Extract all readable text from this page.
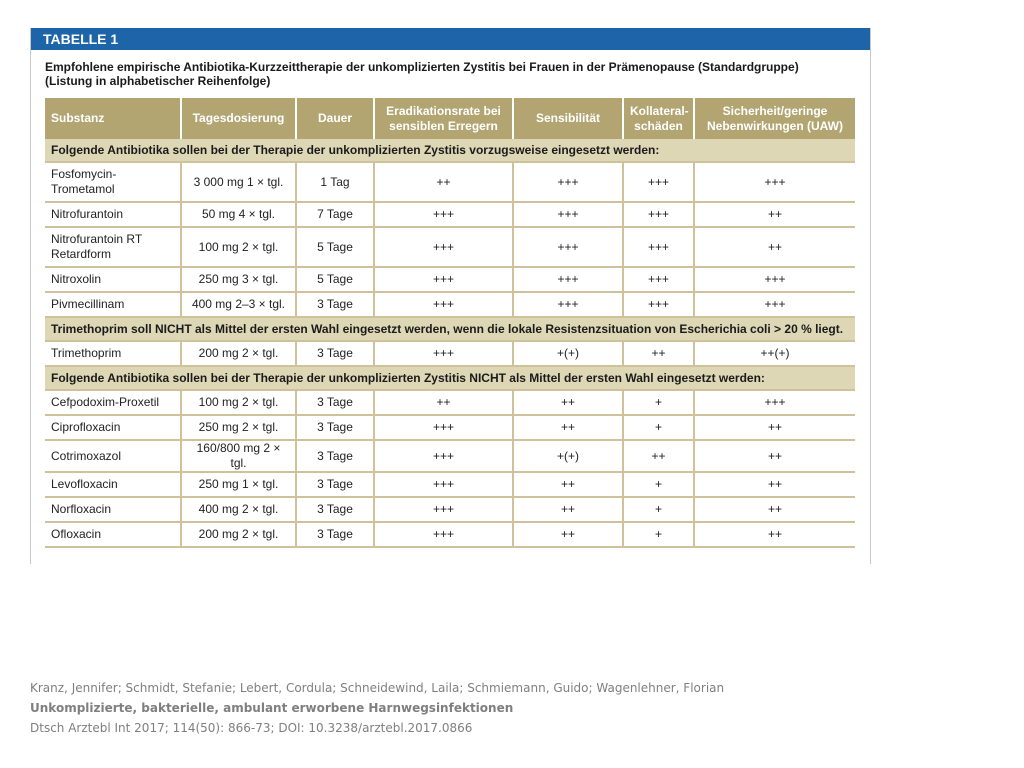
TABELLE 1
Empfohlene empirische Antibiotika-Kurzzeittherapie der unkomplizierten Zystitis bei Frauen in der Prämenopause (Standardgruppe)
(Listung in alphabetischer Reihenfolge)
Substanz	Tagesdosierung	Dauer	Eradikationsrate bei sensiblen Erregern	Sensibilität	Kollateral-schäden	Sicherheit/geringe Nebenwirkungen (UAW)
Folgende Antibiotika sollen bei der Therapie der unkomplizierten Zystitis vorzugsweise eingesetzt werden:						
Fosfomycin-Trometamol	3 000 mg 1 × tgl.	1 Tag	++	+++	+++	+++
Nitrofurantoin	50 mg 4 × tgl.	7 Tage	+++	+++	+++	++
Nitrofurantoin RT Retardform	100 mg 2 × tgl.	5 Tage	+++	+++	+++	++
Nitroxolin	250 mg 3 × tgl.	5 Tage	+++	+++	+++	+++
Pivmecillinam	400 mg 2–3 × tgl.	3 Tage	+++	+++	+++	+++
Trimethoprim soll NICHT als Mittel der ersten Wahl eingesetzt werden, wenn die lokale Resistenzsituation von Escherichia coli > 20 % liegt.						
Trimethoprim	200 mg 2 × tgl.	3 Tage	+++	+(+)	++	++(+)
Folgende Antibiotika sollen bei der Therapie der unkomplizierten Zystitis NICHT als Mittel der ersten Wahl eingesetzt werden:						
Cefpodoxim-Proxetil	100 mg 2 × tgl.	3 Tage	++	++	+	+++
Ciprofloxacin	250 mg 2 × tgl.	3 Tage	+++	++	+	++
Cotrimoxazol	160/800 mg 2 × tgl.	3 Tage	+++	+(+)	++	++
Levofloxacin	250 mg 1 × tgl.	3 Tage	+++	++	+	++
Norfloxacin	400 mg 2 × tgl.	3 Tage	+++	++	+	++
Ofloxacin	200 mg 2 × tgl.	3 Tage	+++	++	+	++
Kranz, Jennifer; Schmidt, Stefanie; Lebert, Cordula; Schneidewind, Laila; Schmiemann, Guido; Wagenlehner, Florian
Unkomplizierte, bakterielle, ambulant erworbene Harnwegsinfektionen
Dtsch Arztebl Int 2017; 114(50): 866-73; DOI: 10.3238/arztebl.2017.0866
